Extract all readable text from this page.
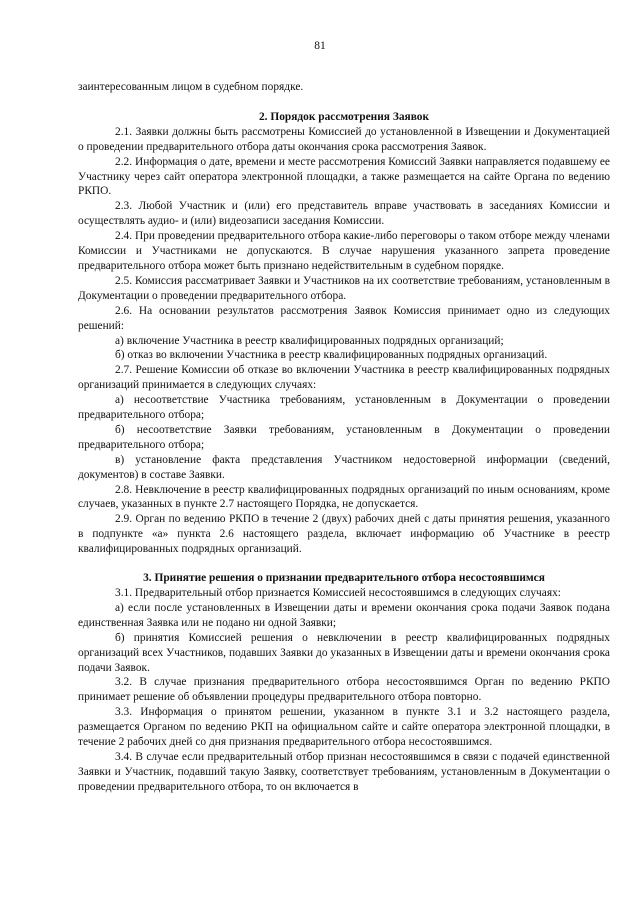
81

заинтересованным лицом в судебном порядке.

2. Порядок рассмотрения Заявок

2.1. Заявки должны быть рассмотрены Комиссией до установленной в Извещении и Документацией о проведении предварительного отбора даты окончания срока рассмотрения Заявок.

2.2. Информация о дате, времени и месте рассмотрения Комиссий Заявки направляется подавшему ее Участнику через сайт оператора электронной площадки, а также размещается на сайте Органа по ведению РКПО.

2.3. Любой Участник и (или) его представитель вправе участвовать в заседаниях Комиссии и осуществлять аудио- и (или) видеозаписи заседания Комиссии.

2.4. При проведении предварительного отбора какие-либо переговоры о таком отборе между членами Комиссии и Участниками не допускаются. В случае нарушения указанного запрета проведение предварительного отбора может быть признано недействительным в судебном порядке.

2.5. Комиссия рассматривает Заявки и Участников на их соответствие требованиям, установленным в Документации о проведении предварительного отбора.

2.6. На основании результатов рассмотрения Заявок Комиссия принимает одно из следующих решений:

а) включение Участника в реестр квалифицированных подрядных организаций;

б) отказ во включении Участника в реестр квалифицированных подрядных организаций.

2.7. Решение Комиссии об отказе во включении Участника в реестр квалифицированных подрядных организаций принимается в следующих случаях:

а) несоответствие Участника требованиям, установленным в Документации о проведении предварительного отбора;

б) несоответствие Заявки требованиям, установленным в Документации о проведении предварительного отбора;

в) установление факта представления Участником недостоверной информации (сведений, документов) в составе Заявки.

2.8. Невключение в реестр квалифицированных подрядных организаций по иным основаниям, кроме случаев, указанных в пункте 2.7 настоящего Порядка, не допускается.

2.9. Орган по ведению РКПО в течение 2 (двух) рабочих дней с даты принятия решения, указанного в подпункте «а» пункта 2.6 настоящего раздела, включает информацию об Участнике в реестр квалифицированных подрядных организаций.

3. Принятие решения о признании предварительного отбора несостоявшимся

3.1. Предварительный отбор признается Комиссией несостоявшимся в следующих случаях:

а) если после установленных в Извещении даты и времени окончания срока подачи Заявок подана единственная Заявка или не подано ни одной Заявки;

б) принятия Комиссией решения о невключении в реестр квалифицированных подрядных организаций всех Участников, подавших Заявки до указанных в Извещении даты и времени окончания срока подачи Заявок.

3.2. В случае признания предварительного отбора несостоявшимся Орган по ведению РКПО принимает решение об объявлении процедуры предварительного отбора повторно.

3.3. Информация о принятом решении, указанном в пункте 3.1 и 3.2 настоящего раздела, размещается Органом по ведению РКП на официальном сайте и сайте оператора электронной площадки, в течение 2 рабочих дней со дня признания предварительного отбора несостоявшимся.

3.4. В случае если предварительный отбор признан несостоявшимся в связи с подачей единственной Заявки и Участник, подавший такую Заявку, соответствует требованиям, установленным в Документации о проведении предварительного отбора, то он включается в
